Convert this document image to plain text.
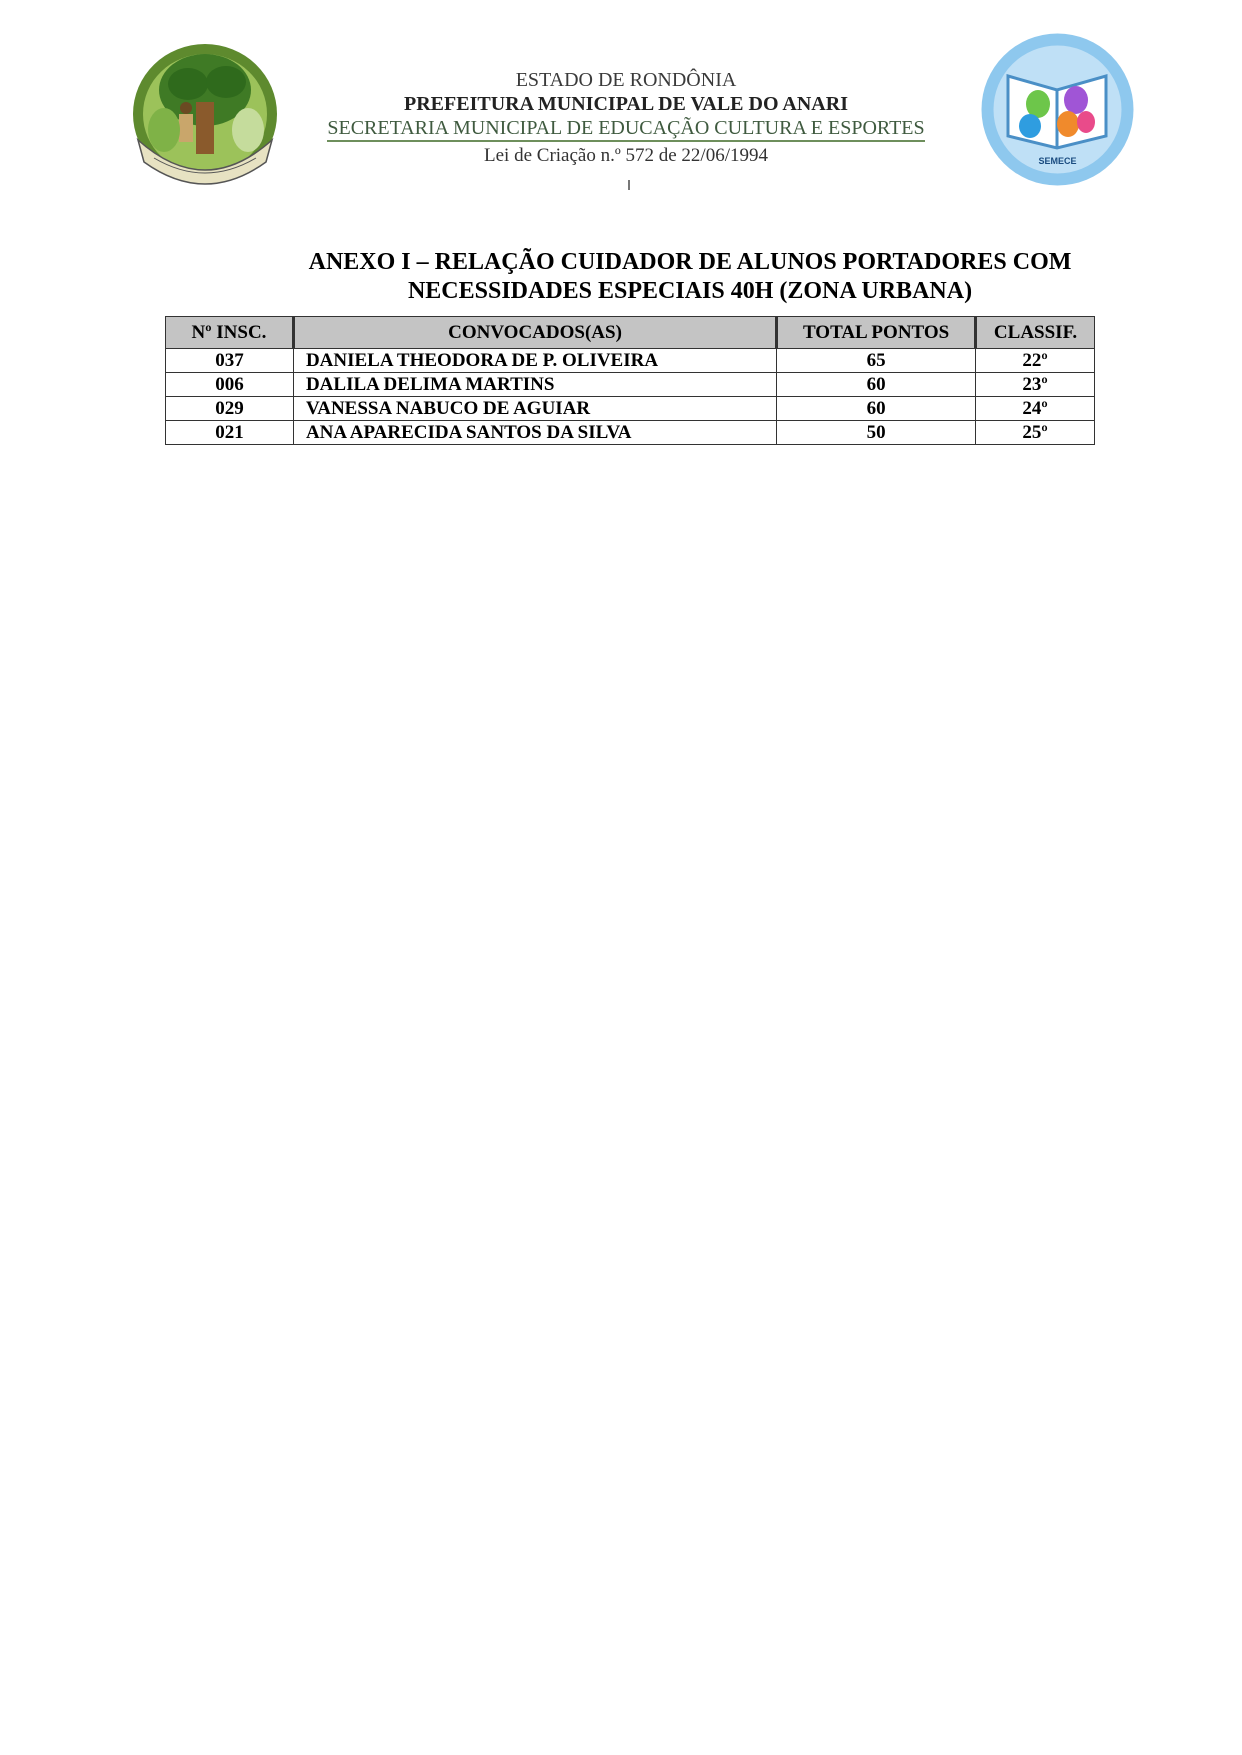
ESTADO DE RONDÔNIA
PREFEITURA MUNICIPAL DE VALE DO ANARI
SECRETARIA MUNICIPAL DE EDUCAÇÃO CULTURA E ESPORTES
Lei de Criação n.º 572 de 22/06/1994	SEMECE
ANEXO I – RELAÇÃO CUIDADOR DE ALUNOS PORTADORES COM
NECESSIDADES ESPECIAIS 40H (ZONA URBANA)
Nº INSC.	CONVOCADOS(AS)	TOTAL PONTOS	CLASSIF.
037	DANIELA THEODORA DE P. OLIVEIRA	65	22º
006	DALILA DELIMA MARTINS	60	23º
029	VANESSA NABUCO DE AGUIAR	60	24º
021	ANA APARECIDA SANTOS DA SILVA	50	25º
